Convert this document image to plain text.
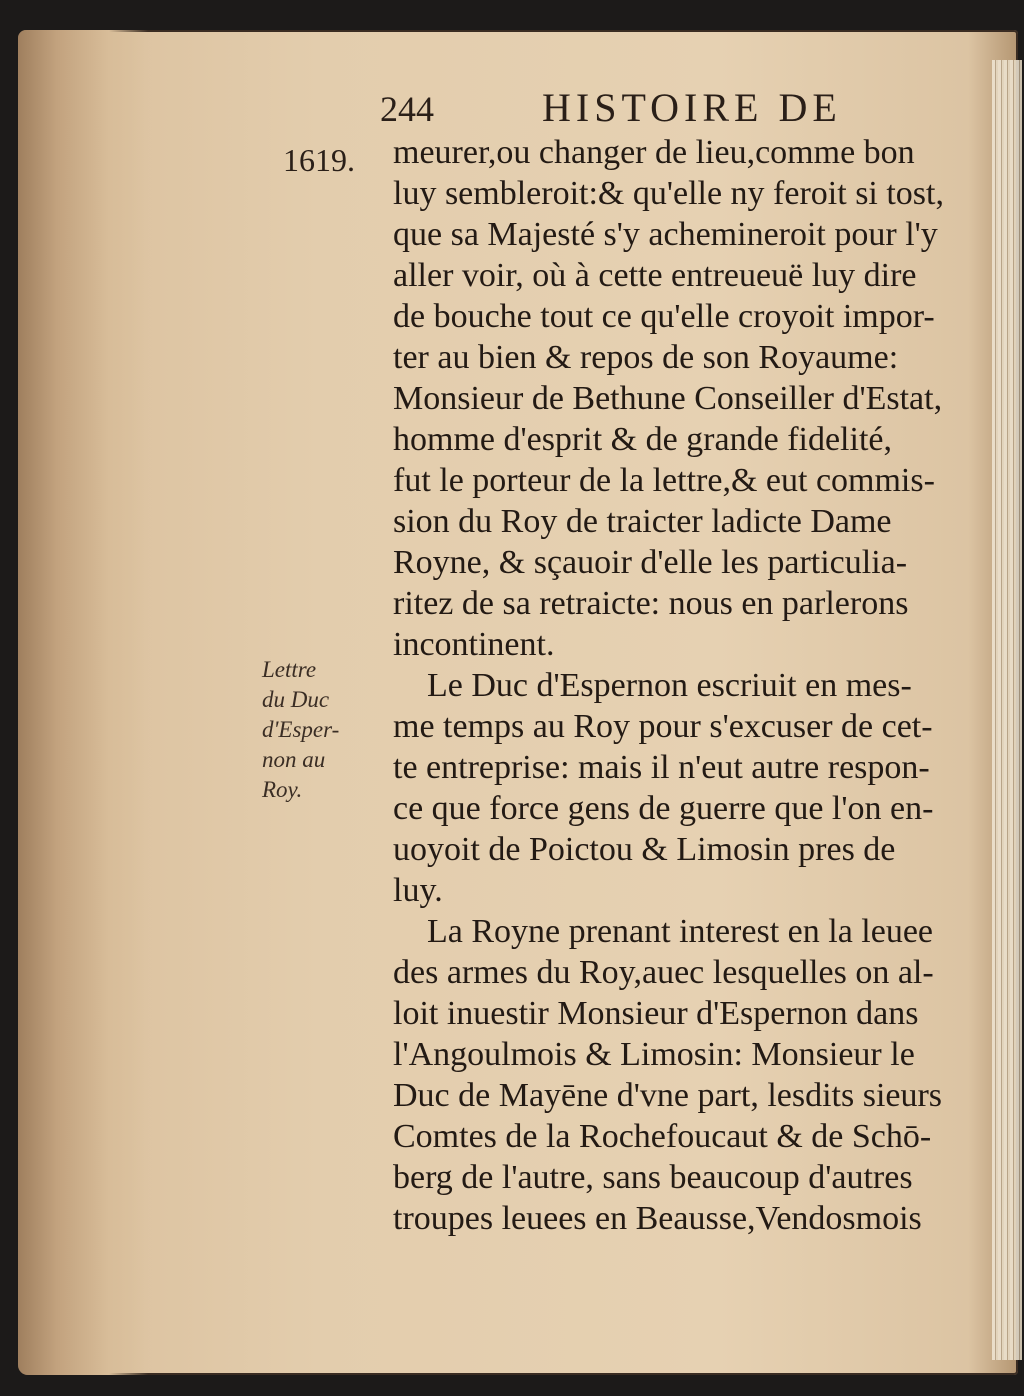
244	HISTOIRE DE
1619.
Lettre
du Duc
d'Esper-
non au
Roy.
meurer,ou changer de lieu,comme bon
luy sembleroit:& qu'elle ny feroit si tost,
que sa Majesté s'y achemineroit pour l'y
aller voir, où à cette entreueuë luy dire
de bouche tout ce qu'elle croyoit impor-
ter au bien & repos de son Royaume:
Monsieur de Bethune Conseiller d'Estat,
homme d'esprit & de grande fidelité,
fut le porteur de la lettre,& eut commis-
sion du Roy de traicter ladicte Dame
Royne, & sçauoir d'elle les particulia-
ritez de sa retraicte: nous en parlerons
incontinent.
Le Duc d'Espernon escriuit en mes-
me temps au Roy pour s'excuser de cet-
te entreprise: mais il n'eut autre respon-
ce que force gens de guerre que l'on en-
uoyoit de Poictou & Limosin pres de
luy.
La Royne prenant interest en la leuee
des armes du Roy,auec lesquelles on al-
loit inuestir Monsieur d'Espernon dans
l'Angoulmois & Limosin: Monsieur le
Duc de Mayēne d'vne part, lesdits sieurs
Comtes de la Rochefoucaut & de Schō-
berg de l'autre, sans beaucoup d'autres
troupes leuees en Beausse,Vendosmois
